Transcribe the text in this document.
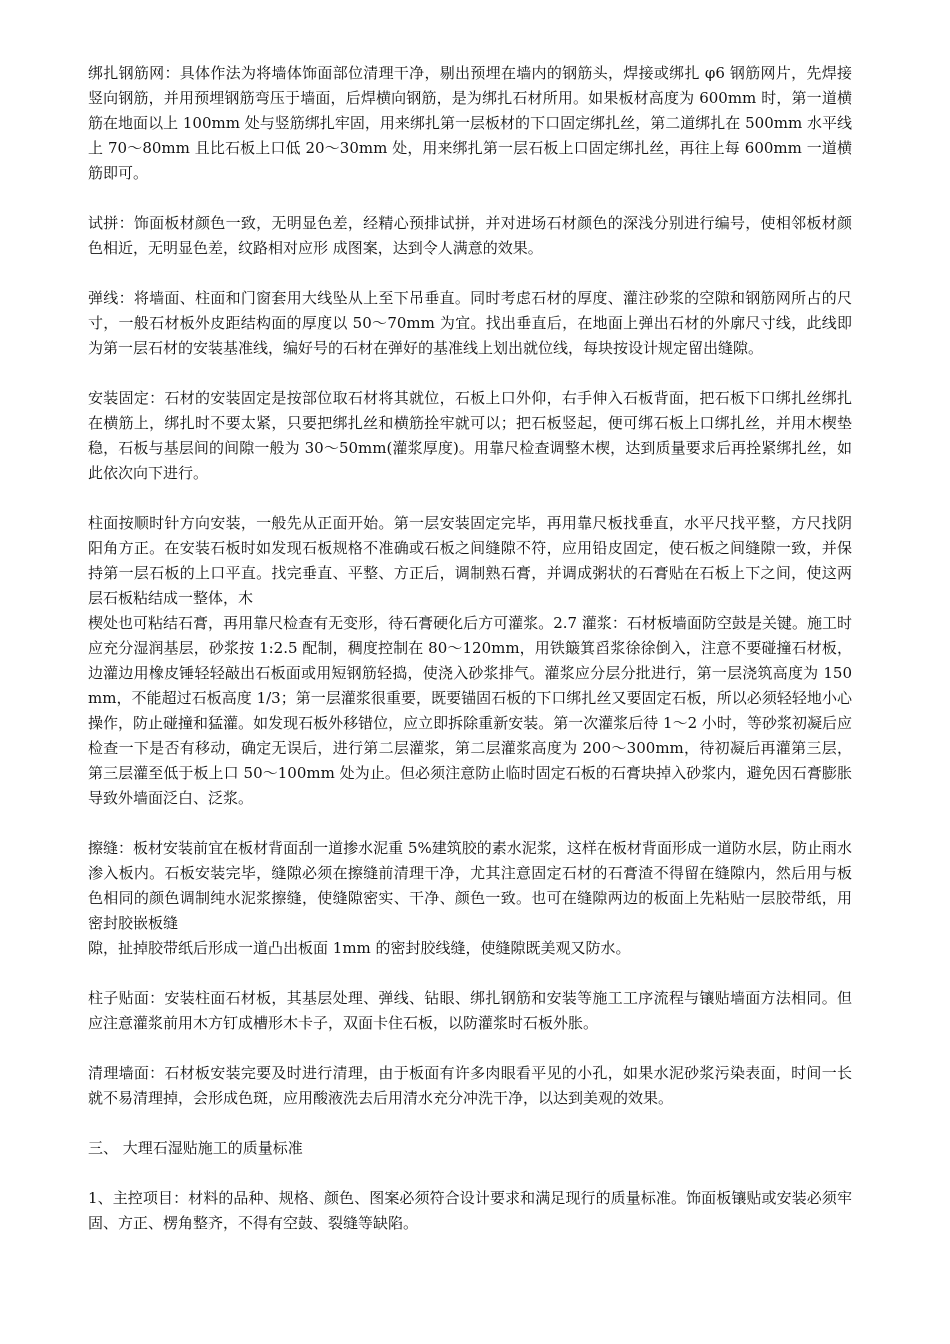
绑扎钢筋网：具体作法为将墙体饰面部位清理干净，剔出预埋在墙内的钢筋头，焊接或绑扎 φ6 钢筋网片，先焊接竖向钢筋，并用预埋钢筋弯压于墙面，后焊横向钢筋，是为绑扎石材所用。如果板材高度为 600mm 时，第一道横筋在地面以上 100mm 处与竖筋绑扎牢固，用来绑扎第一层板材的下口固定绑扎丝，第二道绑扎在 500mm 水平线上 70～80mm 且比石板上口低 20～30mm 处，用来绑扎第一层石板上口固定绑扎丝，再往上每 600mm 一道横筋即可。

试拼：饰面板材颜色一致，无明显色差，经精心预排试拼，并对进场石材颜色的深浅分别进行编号，使相邻板材颜色相近，无明显色差，纹路相对应形 成图案，达到令人满意的效果。

弹线：将墙面、柱面和门窗套用大线坠从上至下吊垂直。同时考虑石材的厚度、灌注砂浆的空隙和钢筋网所占的尺寸，一般石材板外皮距结构面的厚度以 50～70mm 为宜。找出垂直后，在地面上弹出石材的外廓尺寸线，此线即为第一层石材的安装基准线，编好号的石材在弹好的基准线上划出就位线，每块按设计规定留出缝隙。

安装固定：石材的安装固定是按部位取石材将其就位，石板上口外仰，右手伸入石板背面，把石板下口绑扎丝绑扎在横筋上，绑扎时不要太紧，只要把绑扎丝和横筋拴牢就可以；把石板竖起，便可绑石板上口绑扎丝，并用木楔垫稳，石板与基层间的间隙一般为 30～50mm(灌浆厚度)。用靠尺检查调整木楔，达到质量要求后再拴紧绑扎丝，如此依次向下进行。

柱面按顺时针方向安装，一般先从正面开始。第一层安装固定完毕，再用靠尺板找垂直，水平尺找平整，方尺找阴阳角方正。在安装石板时如发现石板规格不准确或石板之间缝隙不符，应用铅皮固定，使石板之间缝隙一致，并保持第一层石板的上口平直。找完垂直、平整、方正后，调制熟石膏，并调成粥状的石膏贴在石板上下之间，使这两层石板粘结成一整体，木

楔处也可粘结石膏，再用靠尺检查有无变形，待石膏硬化后方可灌浆。2.7 灌浆：石材板墙面防空鼓是关键。施工时应充分湿润基层，砂浆按 1:2.5 配制，稠度控制在 80～120mm，用铁簸箕舀浆徐徐倒入，注意不要碰撞石材板，边灌边用橡皮锤轻轻敲出石板面或用短钢筋轻捣，使浇入砂浆排气。灌浆应分层分批进行，第一层浇筑高度为 150mm，不能超过石板高度 1/3；第一层灌浆很重要，既要锚固石板的下口绑扎丝又要固定石板，所以必须轻轻地小心操作，防止碰撞和猛灌。如发现石板外移错位，应立即拆除重新安装。第一次灌浆后待 1～2 小时，等砂浆初凝后应检查一下是否有移动，确定无误后，进行第二层灌浆，第二层灌浆高度为 200～300mm，待初凝后再灌第三层，第三层灌至低于板上口 50～100mm 处为止。但必须注意防止临时固定石板的石膏块掉入砂浆内，避免因石膏膨胀导致外墙面泛白、泛浆。

擦缝：板材安装前宜在板材背面刮一道掺水泥重 5%建筑胶的素水泥浆，这样在板材背面形成一道防水层，防止雨水渗入板内。石板安装完毕，缝隙必须在擦缝前清理干净，尤其注意固定石材的石膏渣不得留在缝隙内，然后用与板色相同的颜色调制纯水泥浆擦缝，使缝隙密实、干净、颜色一致。也可在缝隙两边的板面上先粘贴一层胶带纸，用密封胶嵌板缝

隙，扯掉胶带纸后形成一道凸出板面 1mm 的密封胶线缝，使缝隙既美观又防水。

柱子贴面：安装柱面石材板，其基层处理、弹线、钻眼、绑扎钢筋和安装等施工工序流程与镶贴墙面方法相同。但应注意灌浆前用木方钉成槽形木卡子，双面卡住石板，以防灌浆时石板外胀。

清理墙面：石材板安装完要及时进行清理，由于板面有许多肉眼看平见的小孔，如果水泥砂浆污染表面，时间一长就不易清理掉，会形成色斑，应用酸液洗去后用清水充分冲洗干净，以达到美观的效果。

三、 大理石湿贴施工的质量标准

1、主控项目：材料的品种、规格、颜色、图案必须符合设计要求和满足现行的质量标准。饰面板镶贴或安装必须牢固、方正、楞角整齐，不得有空鼓、裂缝等缺陷。
